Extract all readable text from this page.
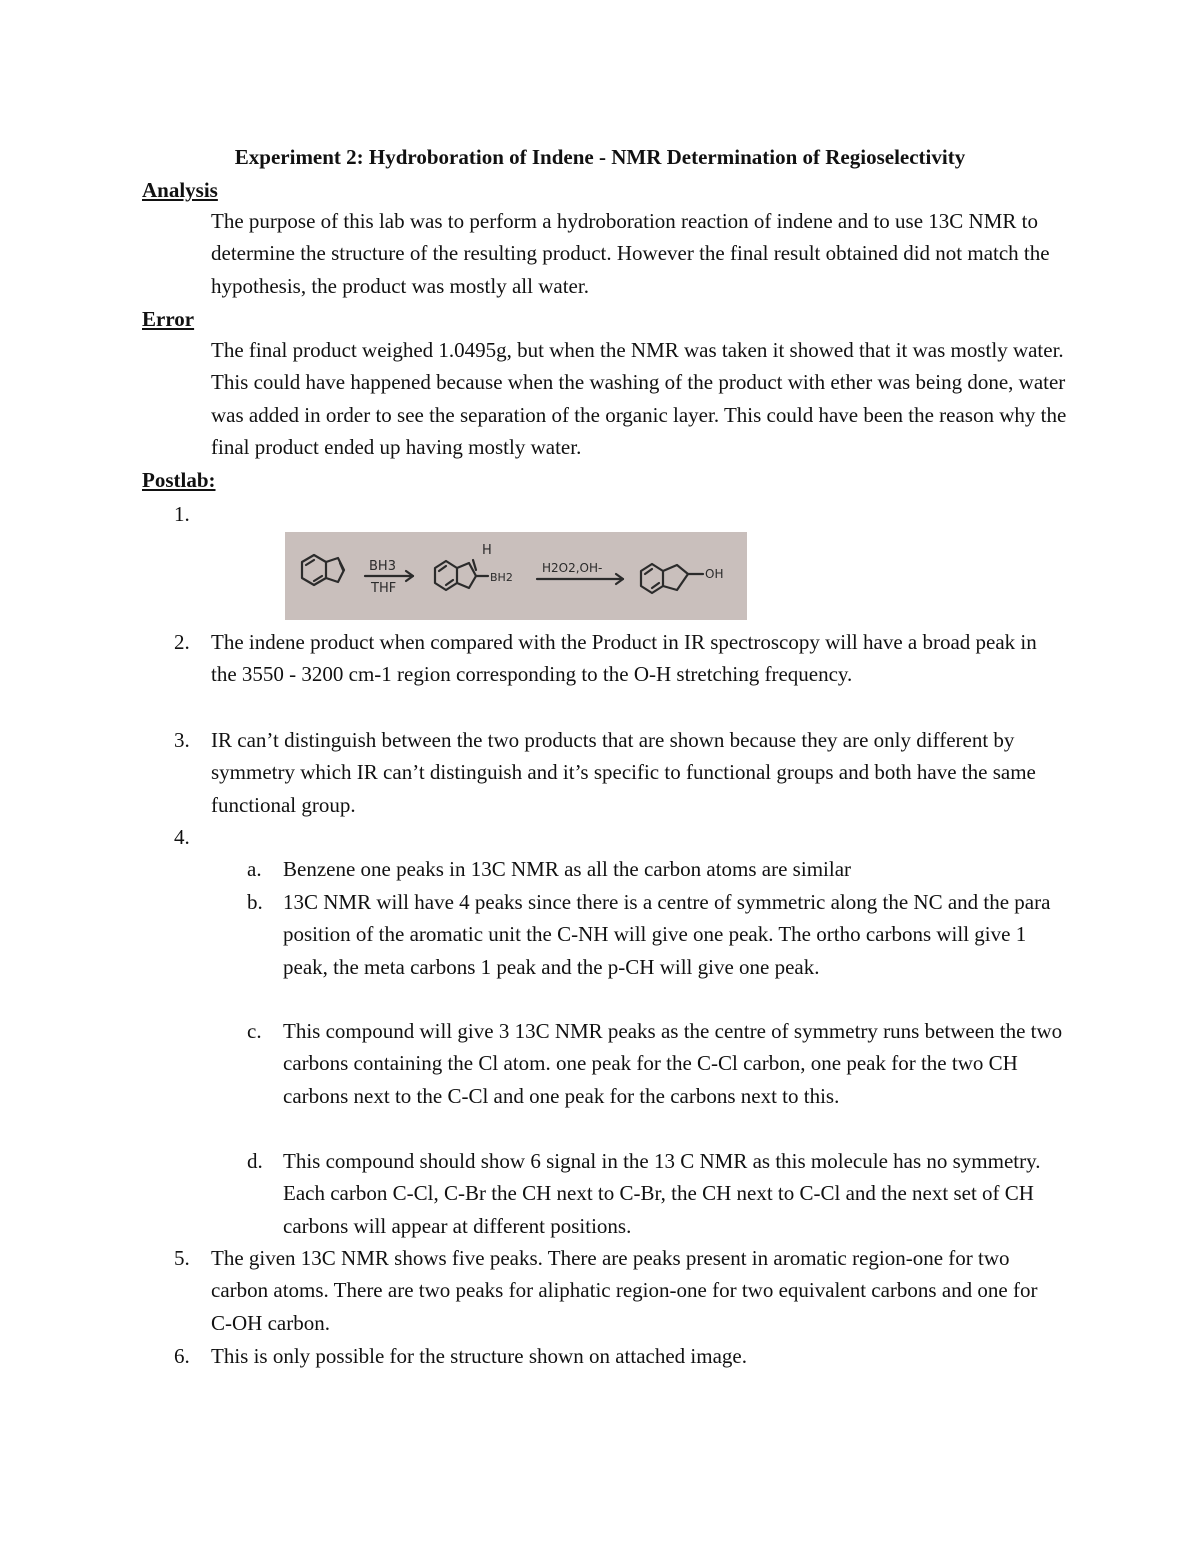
Experiment 2: Hydroboration of Indene - NMR Determination of Regioselectivity
Analysis
The purpose of this lab was to perform a hydroboration reaction of indene and to use 13C NMR to determine the structure of the resulting product. However the final result obtained did not match the hypothesis, the product was mostly all water.
Error
The final product weighed 1.0495g, but when the NMR was taken it showed that it was mostly water. This could have happened because when the washing of the product with ether was being done, water was added in order to see the separation of the organic layer. This could have been the reason why the final product ended up having mostly water.
Postlab:
1.
BH3
THF
H
BH2
H2O2,OH-	OH
2. The indene product when compared with the Product in IR spectroscopy will have a broad peak in the 3550 - 3200 cm-1 region corresponding to the O-H stretching frequency.
3. IR can’t distinguish between the two products that are shown because they are only different by symmetry which IR can’t distinguish and it’s specific to functional groups and both have the same functional group.
4.
a. Benzene one peaks in 13C NMR as all the carbon atoms are similar
b. 13C NMR will have 4 peaks since there is a centre of symmetric along the NC and the para position of the aromatic unit the C-NH will give one peak. The ortho carbons will give 1 peak, the meta carbons 1 peak and the p-CH will give one peak.
c. This compound will give 3 13C NMR peaks as the centre of symmetry runs between the two carbons containing the Cl atom. one peak for the C-Cl carbon, one peak for the two CH carbons next to the C-Cl and one peak for the carbons next to this.
d. This compound should show 6 signal in the 13 C NMR as this molecule has no symmetry. Each carbon C-Cl, C-Br the CH next to C-Br, the CH next to C-Cl and the next set of CH carbons will appear at different positions.
5. The given 13C NMR shows five peaks. There are peaks present in aromatic region-one for two carbon atoms. There are two peaks for aliphatic region-one for two equivalent carbons and one for C-OH carbon.
6. This is only possible for the structure shown on attached image.
